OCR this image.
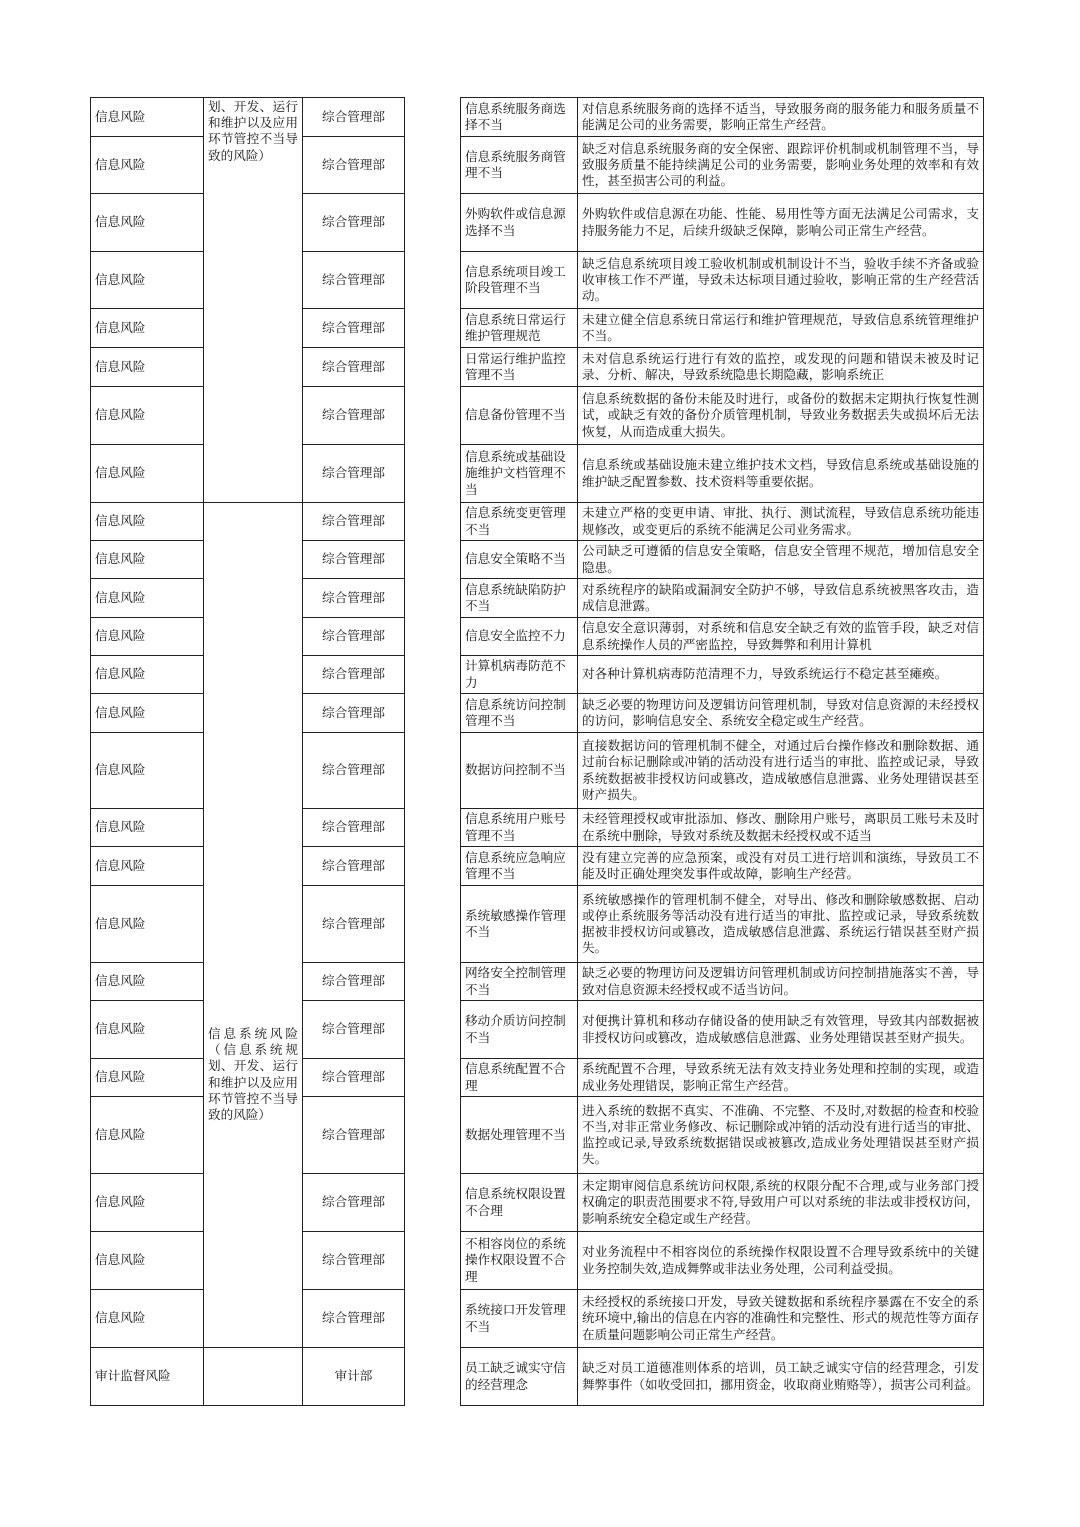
信息风险	划、开发、运行和维护以及应用环节管控不当导致的风险）	综合管理部		信息系统服务商选择不当	对信息系统服务商的选择不适当，导致服务商的服务能力和服务质量不能满足公司的业务需要，影响正常生产经营。
信息风险		综合管理部		信息系统服务商管理不当	缺乏对信息系统服务商的安全保密、跟踪评价机制或机制管理不当，导致服务质量不能持续满足公司的业务需要，影响业务处理的效率和有效性，甚至损害公司的利益。
信息风险		综合管理部		外购软件或信息源选择不当	外购软件或信息源在功能、性能、易用性等方面无法满足公司需求，支持服务能力不足，后续升级缺乏保障，影响公司正常生产经营。
信息风险		综合管理部		信息系统项目竣工阶段管理不当	缺乏信息系统项目竣工验收机制或机制设计不当，验收手续不齐备或验收审核工作不严谨，导致未达标项目通过验收，影响正常的生产经营活动。
信息风险		综合管理部		信息系统日常运行维护管理规范	未建立健全信息系统日常运行和维护管理规范，导致信息系统管理维护不当。
信息风险		综合管理部		日常运行维护监控管理不当	未对信息系统运行进行有效的监控，或发现的问题和错误未被及时记录、分析、解决，导致系统隐患长期隐藏，影响系统正
信息风险		综合管理部		信息备份管理不当	信息系统数据的备份未能及时进行，或备份的数据未定期执行恢复性测试，或缺乏有效的备份介质管理机制，导致业务数据丢失或损坏后无法恢复，从而造成重大损失。
信息风险		综合管理部		信息系统或基础设施维护文档管理不当	信息系统或基础设施未建立维护技术文档，导致信息系统或基础设施的维护缺乏配置参数、技术资料等重要依据。
信息风险	信息系统风险（信息系统规划、开发、运行和维护以及应用环节管控不当导致的风险）	综合管理部		信息系统变更管理不当	未建立严格的变更申请、审批、执行、测试流程，导致信息系统功能违规修改，或变更后的系统不能满足公司业务需求。
信息风险		综合管理部		信息安全策略不当	公司缺乏可遵循的信息安全策略，信息安全管理不规范，增加信息安全隐患。
信息风险		综合管理部		信息系统缺陷防护不当	对系统程序的缺陷或漏洞安全防护不够，导致信息系统被黑客攻击，造成信息泄露。
信息风险		综合管理部		信息安全监控不力	信息安全意识薄弱，对系统和信息安全缺乏有效的监管手段，缺乏对信息系统操作人员的严密监控，导致舞弊和利用计算机
信息风险		综合管理部		计算机病毒防范不力	对各种计算机病毒防范清理不力，导致系统运行不稳定甚至瘫痪。
信息风险		综合管理部		信息系统访问控制管理不当	缺乏必要的物理访问及逻辑访问管理机制，导致对信息资源的未经授权的访问，影响信息安全、系统安全稳定或生产经营。
信息风险		综合管理部		数据访问控制不当	直接数据访问的管理机制不健全，对通过后台操作修改和删除数据、通过前台标记删除或冲销的活动没有进行适当的审批、监控或记录，导致系统数据被非授权访问或篡改，造成敏感信息泄露、业务处理错误甚至财产损失。
信息风险		综合管理部		信息系统用户账号管理不当	未经管理授权或审批添加、修改、删除用户账号，离职员工账号未及时在系统中删除，导致对系统及数据未经授权或不适当
信息风险		综合管理部		信息系统应急响应管理不当	没有建立完善的应急预案，或没有对员工进行培训和演练，导致员工不能及时正确处理突发事件或故障，影响生产经营。
信息风险		综合管理部		系统敏感操作管理不当	系统敏感操作的管理机制不健全，对导出、修改和删除敏感数据、启动或停止系统服务等活动没有进行适当的审批、监控或记录，导致系统数据被非授权访问或篡改，造成敏感信息泄露、系统运行错误甚至财产损失。
信息风险		综合管理部		网络安全控制管理不当	缺乏必要的物理访问及逻辑访问管理机制或访问控制措施落实不善，导致对信息资源未经授权或不适当访问。
信息风险		综合管理部		移动介质访问控制不当	对便携计算机和移动存储设备的使用缺乏有效管理，导致其内部数据被非授权访问或篡改，造成敏感信息泄露、业务处理错误甚至财产损失。
信息风险		综合管理部		信息系统配置不合理	系统配置不合理，导致系统无法有效支持业务处理和控制的实现，或造成业务处理错误，影响正常生产经营。
信息风险		综合管理部		数据处理管理不当	进入系统的数据不真实、不准确、不完整、不及时,对数据的检查和校验不当,对非正常业务修改、标记删除或冲销的活动没有进行适当的审批、监控或记录,导致系统数据错误或被篡改,造成业务处理错误甚至财产损失。
信息风险		综合管理部		信息系统权限设置不合理	未定期审阅信息系统访问权限,系统的权限分配不合理,或与业务部门授权确定的职责范围要求不符,导致用户可以对系统的非法或非授权访问，影响系统安全稳定或生产经营。
信息风险		综合管理部		不相容岗位的系统操作权限设置不合理	对业务流程中不相容岗位的系统操作权限设置不合理导致系统中的关键业务控制失效,造成舞弊或非法业务处理，公司利益受损。
信息风险		综合管理部		系统接口开发管理不当	未经授权的系统接口开发，导致关键数据和系统程序暴露在不安全的系统环境中,输出的信息在内容的准确性和完整性、形式的规范性等方面存在质量问题影响公司正常生产经营。
审计监督风险		审计部		员工缺乏诚实守信的经营理念	缺乏对员工道德准则体系的培训，员工缺乏诚实守信的经营理念，引发舞弊事件（如收受回扣，挪用资金，收取商业贿赂等），损害公司利益。
